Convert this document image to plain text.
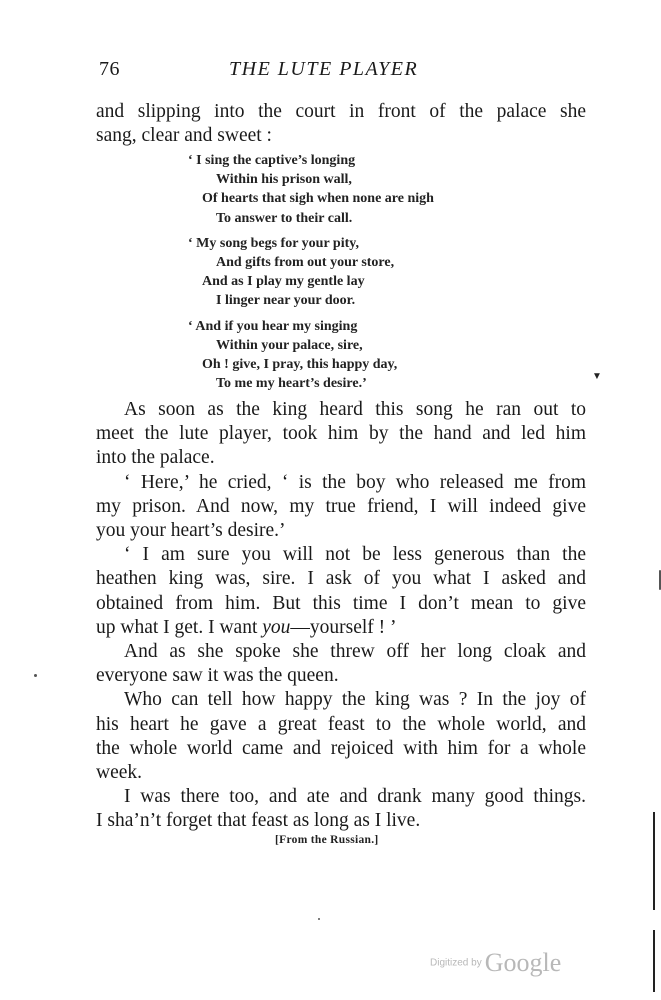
76	THE LUTE PLAYER
and slipping into the court in front of the palace she
sang, clear and sweet :
‘ I sing the captive’s longing
Within his prison wall,
Of hearts that sigh when none are nigh
To answer to their call.
‘ My song begs for your pity,
And gifts from out your store,
And as I play my gentle lay
I linger near your door.
‘ And if you hear my singing
Within your palace, sire,
Oh ! give, I pray, this happy day,
To me my heart’s desire.’	▼

As soon as the king heard this song he ran out to
meet the lute player, took him by the hand and led him
into the palace.

‘ Here,’ he cried, ‘ is the boy who released me from
my prison. And now, my true friend, I will indeed give
you your heart’s desire.’

‘ I am sure you will not be less generous than the
heathen king was, sire. I ask of you what I asked and
obtained from him. But this time I don’t mean to give
up what I get. I want you—yourself ! ’

And as she spoke she threw off her long cloak and
everyone saw it was the queen.

Who can tell how happy the king was ? In the joy of
his heart he gave a great feast to the whole world, and
the whole world came and rejoiced with him for a whole
week.

I was there too, and ate and drank many good things.
I sha’n’t forget that feast as long as I live.

[From the Russian.]
Digitized by Google
